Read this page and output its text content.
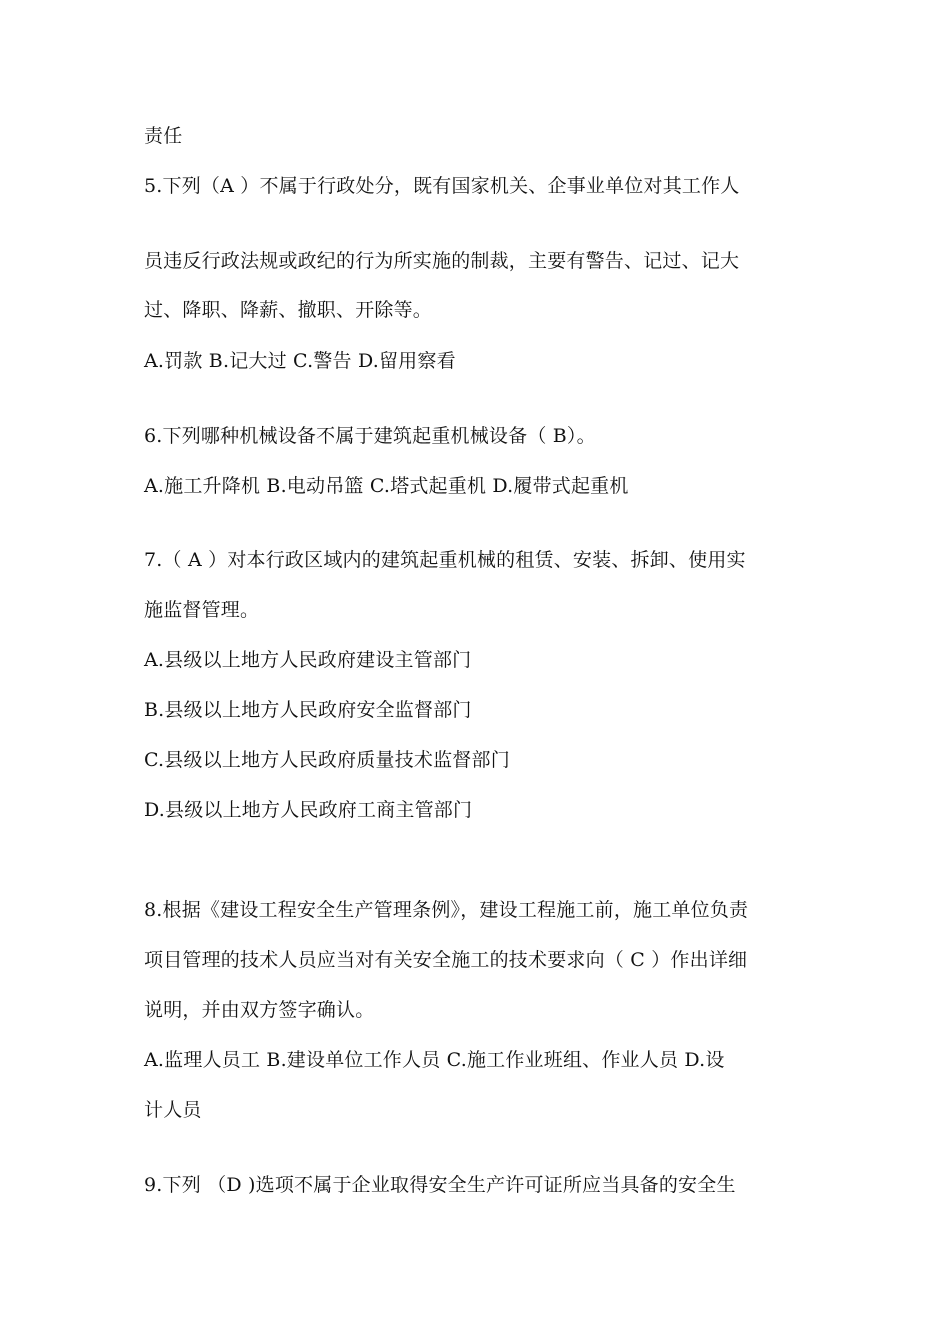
责任
5.下列（A ）不属于行政处分，既有国家机关、企事业单位对其工作人
员违反行政法规或政纪的行为所实施的制裁，主要有警告、记过、记大
过、降职、降薪、撤职、开除等。
A.罚款 B.记大过 C.警告 D.留用察看
6.下列哪种机械设备不属于建筑起重机械设备（ B）。
A.施工升降机 B.电动吊篮 C.塔式起重机 D.履带式起重机
7.（ A ）对本行政区域内的建筑起重机械的租赁、安装、拆卸、使用实
施监督管理。
A.县级以上地方人民政府建设主管部门
B.县级以上地方人民政府安全监督部门
C.县级以上地方人民政府质量技术监督部门
D.县级以上地方人民政府工商主管部门
8.根据《建设工程安全生产管理条例》，建设工程施工前，施工单位负责
项目管理的技术人员应当对有关安全施工的技术要求向（ C ）作出详细
说明，并由双方签字确认。
A.监理人员工 B.建设单位工作人员 C.施工作业班组、作业人员 D.设
计人员
9.下列 （D )选项不属于企业取得安全生产许可证所应当具备的安全生
